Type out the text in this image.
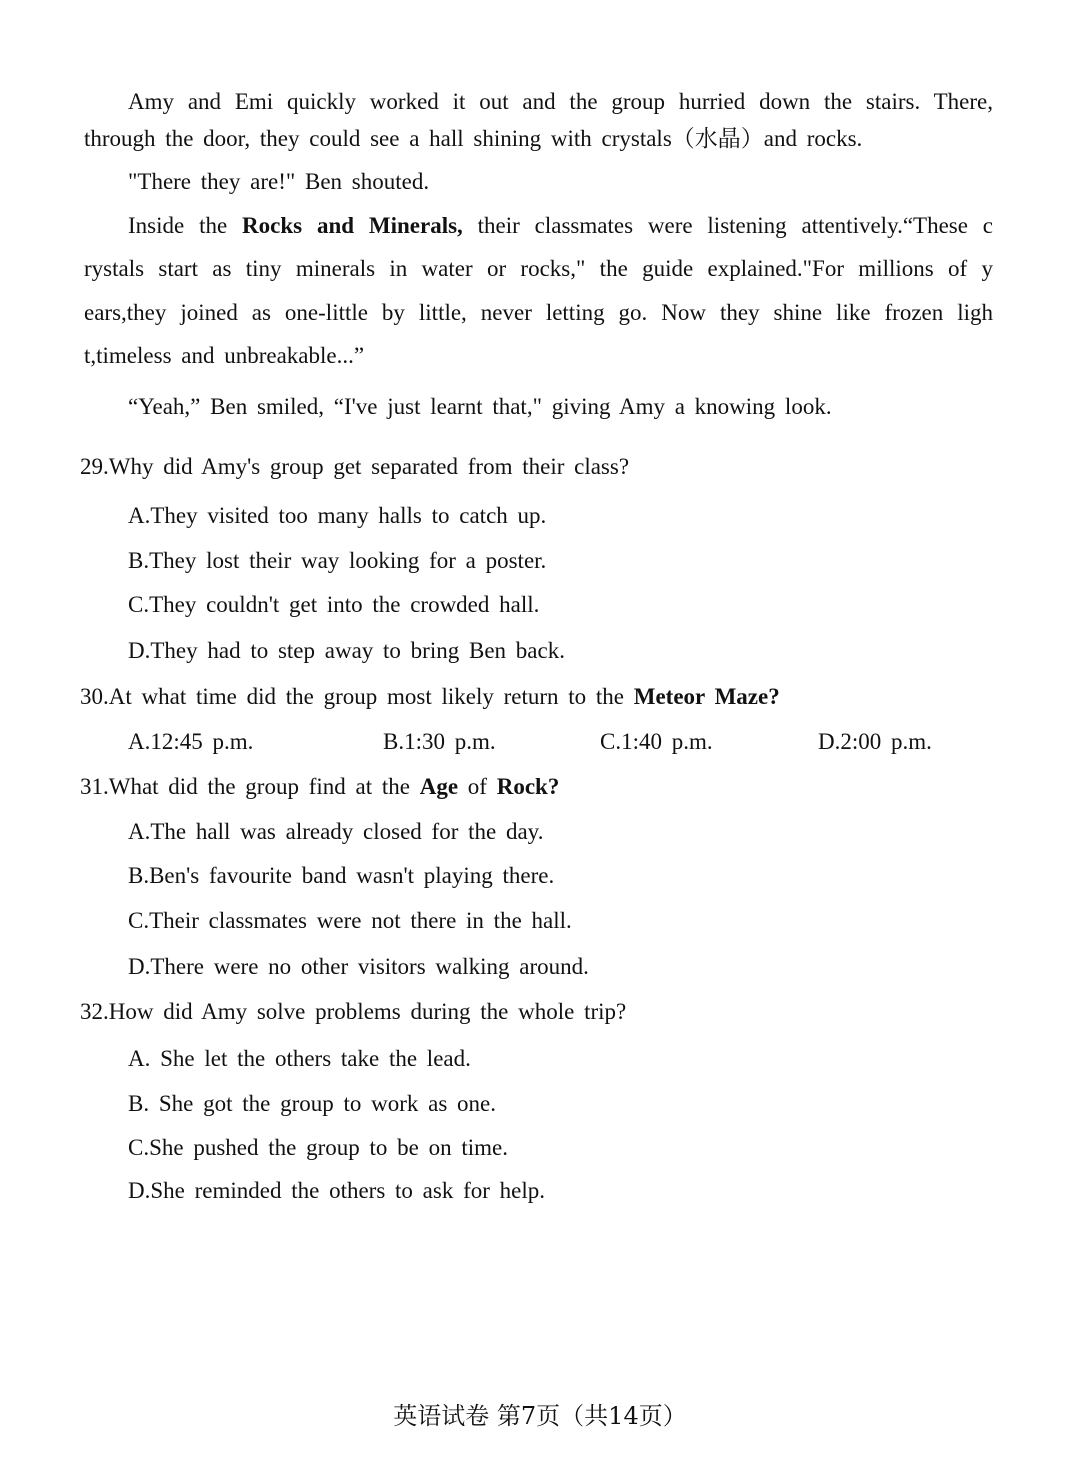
Amy and Emi quickly worked it out and the group hurried down the stairs. There,
through the door, they could see a hall shining with crystals（水晶）and rocks.
"There they are!" Ben shouted.
Inside the Rocks and Minerals, their classmates were listening attentively.“These c
rystals start as tiny minerals in water or rocks," the guide explained."For millions of y
ears,they joined as one-little by little, never letting go. Now they shine like frozen ligh
t,timeless and unbreakable...”
“Yeah,” Ben smiled, “I've just learnt that," giving Amy a knowing look.
29.Why did Amy's group get separated from their class?
A.They visited too many halls to catch up.
B.They lost their way looking for a poster.
C.They couldn't get into the crowded hall.
D.They had to step away to bring Ben back.
30.At what time did the group most likely return to the Meteor Maze?
A.12:45 p.m.	B.1:30 p.m.	C.1:40 p.m.	D.2:00 p.m.
31.What did the group find at the Age of Rock?
A.The hall was already closed for the day.
B.Ben's favourite band wasn't playing there.
C.Their classmates were not there in the hall.
D.There were no other visitors walking around.
32.How did Amy solve problems during the whole trip?
A. She let the others take the lead.
B. She got the group to work as one.
C.She pushed the group to be on time.
D.She reminded the others to ask for help.
英语试卷 第7页（共14页）
